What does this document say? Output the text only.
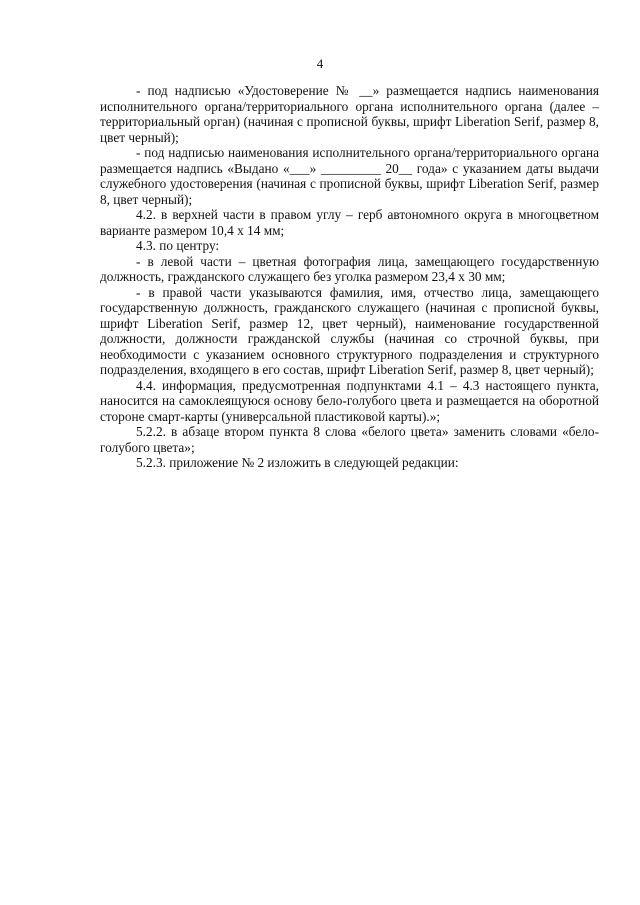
4

- под надписью «Удостоверение № __» размещается надпись наименования исполнительного органа/территориального органа исполнительного органа (далее – территориальный орган) (начиная с прописной буквы, шрифт Liberation Serif, размер 8, цвет черный);

- под надписью наименования исполнительного органа/территориального органа размещается надпись «Выдано «___» _________ 20__ года» с указанием даты выдачи служебного удостоверения (начиная с прописной буквы, шрифт Liberation Serif, размер 8, цвет черный);

4.2. в верхней части в правом углу – герб автономного округа в многоцветном варианте размером 10,4 х 14 мм;

4.3. по центру:

- в левой части – цветная фотография лица, замещающего государственную должность, гражданского служащего без уголка размером 23,4 х 30 мм;

- в правой части указываются фамилия, имя, отчество лица, замещающего государственную должность, гражданского служащего (начиная с прописной буквы, шрифт Liberation Serif, размер 12, цвет черный), наименование государственной должности, должности гражданской службы (начиная со строчной буквы, при необходимости с указанием основного структурного подразделения и структурного подразделения, входящего в его состав, шрифт Liberation Serif, размер 8, цвет черный);

4.4. информация, предусмотренная подпунктами 4.1 – 4.3 настоящего пункта, наносится на самоклеящуюся основу бело-голубого цвета и размещается на оборотной стороне смарт-карты (универсальной пластиковой карты).»;

5.2.2. в абзаце втором пункта 8 слова «белого цвета» заменить словами «бело-голубого цвета»;

5.2.3. приложение № 2 изложить в следующей редакции:
